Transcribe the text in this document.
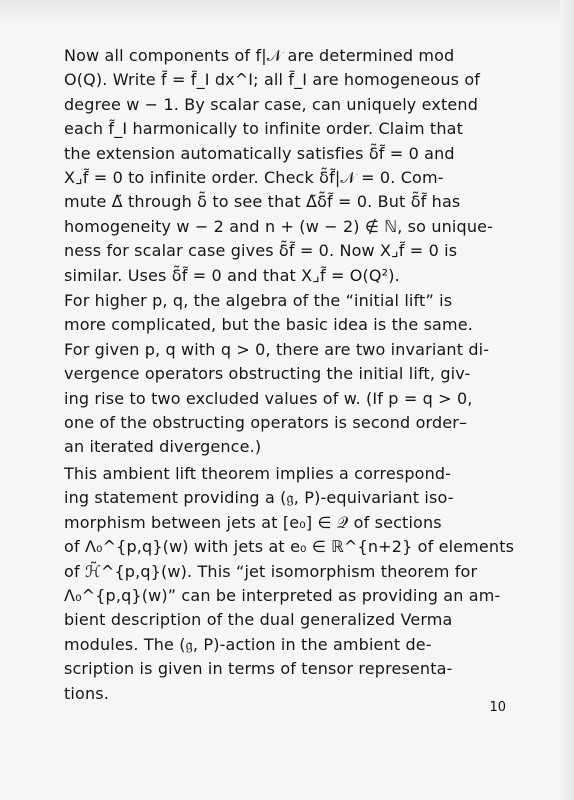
Now all components of f|𝒩 are determined mod
O(Q). Write f̃ = f̃_I dx^I; all f̃_I are homogeneous of
degree w − 1. By scalar case, can uniquely extend
each f̃_I harmonically to infinite order. Claim that
the extension automatically satisfies δ̃f̃ = 0 and
X⌟f̃ = 0 to infinite order. Check δ̃f̃|𝒩 = 0. Com-
mute Δ̃ through δ̃ to see that Δ̃δ̃f̃ = 0. But δ̃f̃ has
homogeneity w − 2 and n + (w − 2) ∉ ℕ, so unique-
ness for scalar case gives δ̃f̃ = 0. Now X⌟f̃ = 0 is
similar. Uses δ̃f̃ = 0 and that X⌟f̃ = O(Q²).
For higher p, q, the algebra of the “initial lift” is
more complicated, but the basic idea is the same.
For given p, q with q > 0, there are two invariant di-
vergence operators obstructing the initial lift, giv-
ing rise to two excluded values of w. (If p = q > 0,
one of the obstructing operators is second order–
an iterated divergence.)
This ambient lift theorem implies a correspond-
ing statement providing a (𝔤, P)-equivariant iso-
morphism between jets at [e₀] ∈ 𝒬 of sections
of Λ₀^{p,q}(w) with jets at e₀ ∈ ℝ^{n+2} of elements
of ℋ̃^{p,q}(w). This “jet isomorphism theorem for
Λ₀^{p,q}(w)” can be interpreted as providing an am-
bient description of the dual generalized Verma
modules. The (𝔤, P)-action in the ambient de-
scription is given in terms of tensor representa-
tions.
10
